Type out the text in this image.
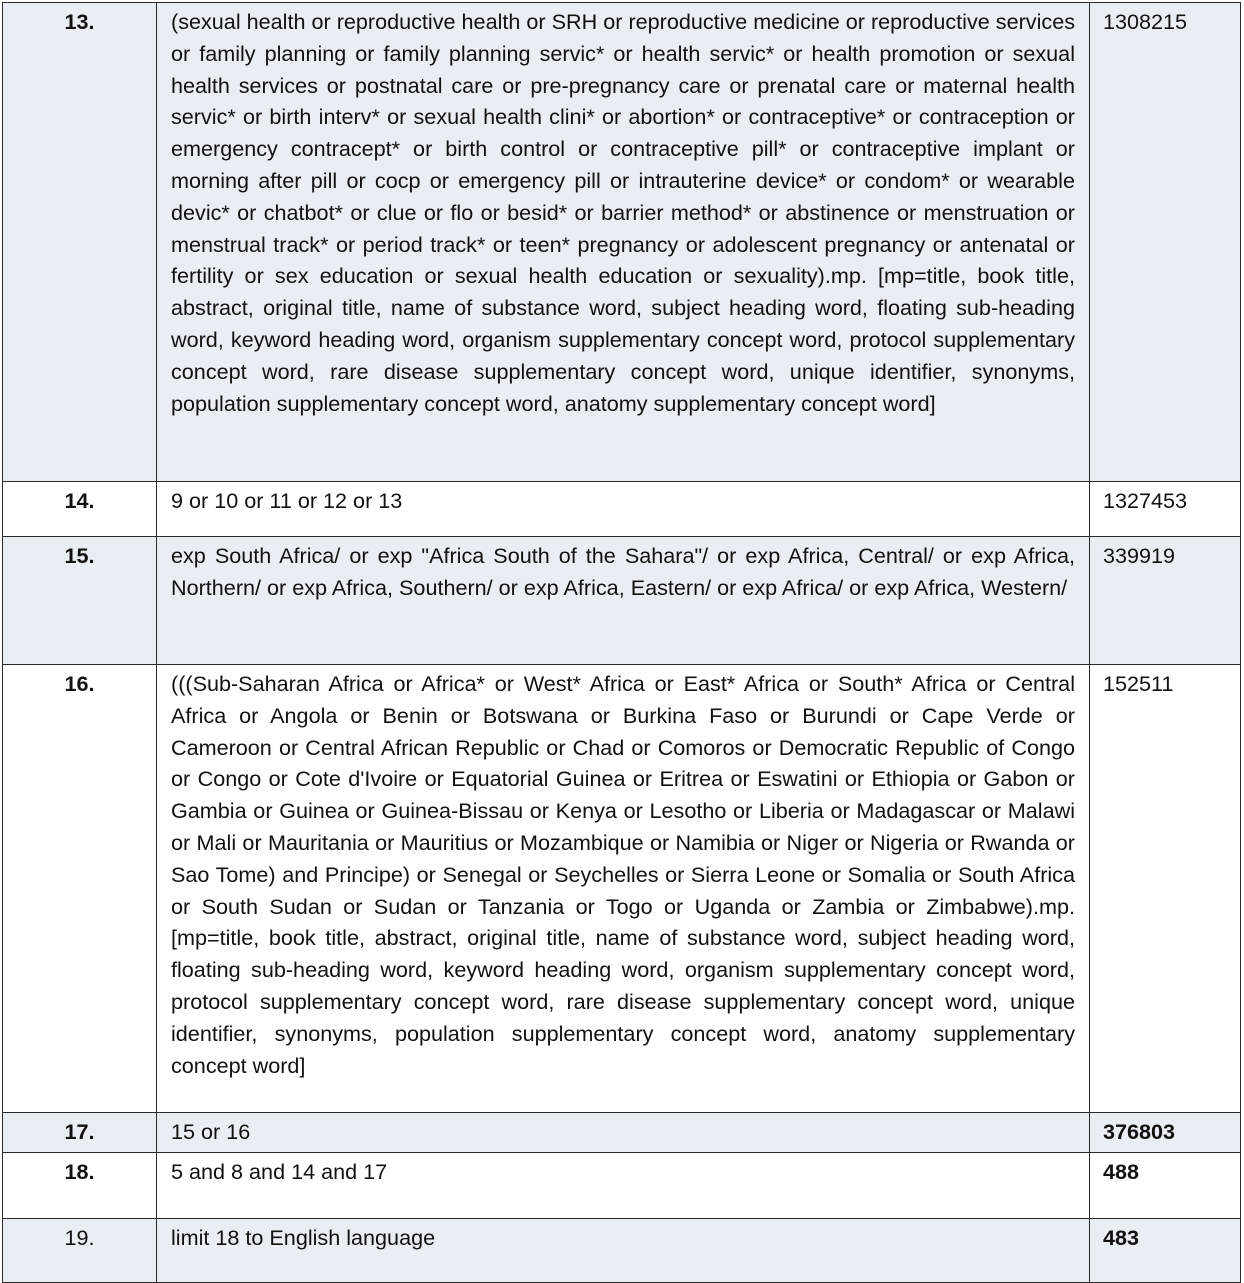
13.	(sexual health or reproductive health or SRH or reproductive medicine or reproductive services or family planning or family planning servic* or health servic* or health promotion or sexual health services or postnatal care or pre-pregnancy care or prenatal care or maternal health servic* or birth interv* or sexual health clini* or abortion* or contraceptive* or contraception or emergency contracept* or birth control or contraceptive pill* or contraceptive implant or morning after pill or cocp or emergency pill or intrauterine device* or condom* or wearable devic* or chatbot* or clue or flo or besid* or barrier method* or abstinence or menstruation or menstrual track* or period track* or teen* pregnancy or adolescent pregnancy or antenatal or fertility or sex education or sexual health education or sexuality).mp. [mp=title, book title, abstract, original title, name of substance word, subject heading word, floating sub-heading word, keyword heading word, organism supplementary concept word, protocol supplementary concept word, rare disease supplementary concept word, unique identifier, synonyms, population supplementary concept word, anatomy supplementary concept word]	1308215
14.	9 or 10 or 11 or 12 or 13	1327453
15.	exp South Africa/ or exp "Africa South of the Sahara"/ or exp Africa, Central/ or exp Africa, Northern/ or exp Africa, Southern/ or exp Africa, Eastern/ or exp Africa/ or exp Africa, Western/	339919
16.	(((Sub-Saharan Africa or Africa* or West* Africa or East* Africa or South* Africa or Central Africa or Angola or Benin or Botswana or Burkina Faso or Burundi or Cape Verde or Cameroon or Central African Republic or Chad or Comoros or Democratic Republic of Congo or Congo or Cote d'Ivoire or Equatorial Guinea or Eritrea or Eswatini or Ethiopia or Gabon or Gambia or Guinea or Guinea-Bissau or Kenya or Lesotho or Liberia or Madagascar or Malawi or Mali or Mauritania or Mauritius or Mozambique or Namibia or Niger or Nigeria or Rwanda or Sao Tome) and Principe) or Senegal or Seychelles or Sierra Leone or Somalia or South Africa or South Sudan or Sudan or Tanzania or Togo or Uganda or Zambia or Zimbabwe).mp. [mp=title, book title, abstract, original title, name of substance word, subject heading word, floating sub-heading word, keyword heading word, organism supplementary concept word, protocol supplementary concept word, rare disease supplementary concept word, unique identifier, synonyms, population supplementary concept word, anatomy supplementary concept word]	152511
17.	15 or 16	376803
18.	5 and 8 and 14 and 17	488
19.	limit 18 to English language	483
